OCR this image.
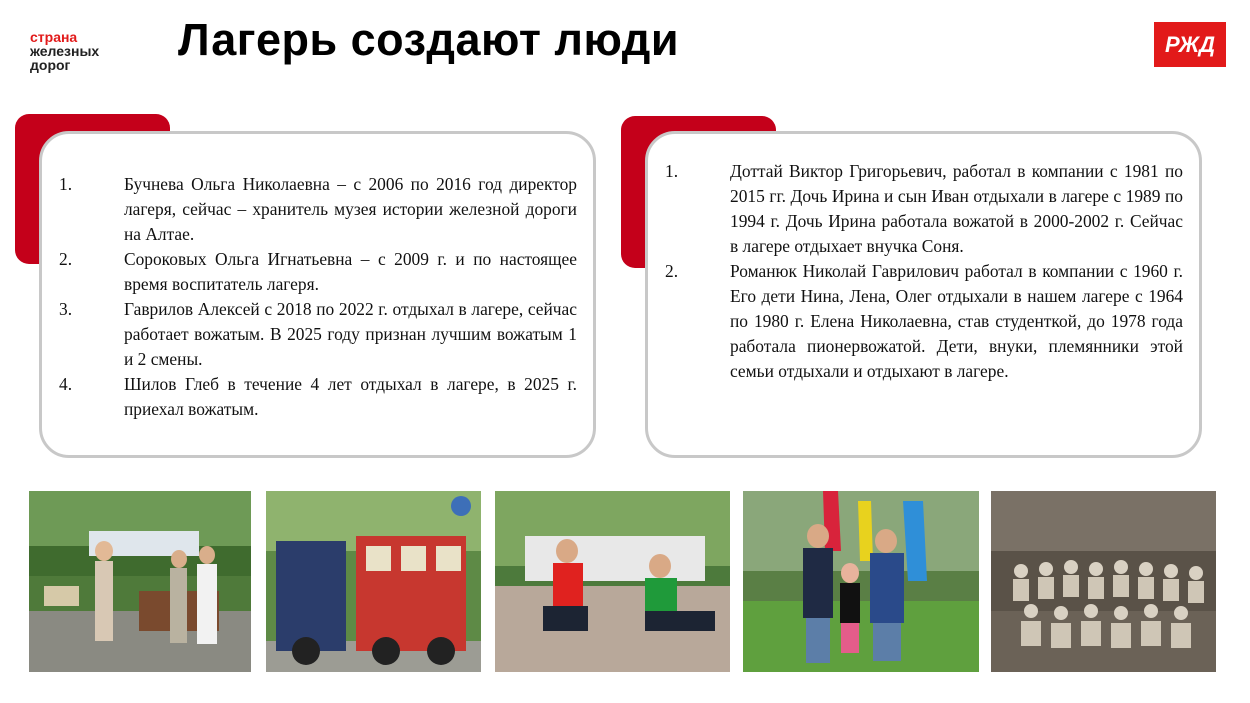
страна
железных
дорог	Лагерь создают люди	РЖД
1.	Бучнева Ольга Николаевна – с 2006 по 2016 год директор лагеря, сейчас – хранитель музея истории железной дороги на Алтае.
2.	Сороковых Ольга Игнатьевна – с 2009 г. и по настоящее время воспитатель лагеря.
3.	Гаврилов Алексей с 2018 по 2022 г. отдыхал в лагере, сейчас работает вожатым. В 2025 году признан лучшим вожатым 1 и 2 смены.
4.	Шилов Глеб в течение 4 лет отдыхал в лагере, в 2025 г. приехал вожатым.
1.	Доттай Виктор Григорьевич, работал в компании с 1981 по 2015 гг. Дочь Ирина и сын Иван отдыхали в лагере с 1989 по 1994 г. Дочь Ирина работала вожатой в 2000-2002 г. Сейчас в лагере отдыхает внучка Соня.
2.	Романюк Николай Гаврилович работал в компании с 1960 г. Его дети Нина, Лена, Олег отдыхали в нашем лагере с 1964 по 1980 г. Елена Николаевна, став студенткой, до 1978 года работала пионервожатой. Дети, внуки, племянники этой семьи отдыхали и отдыхают в лагере.
